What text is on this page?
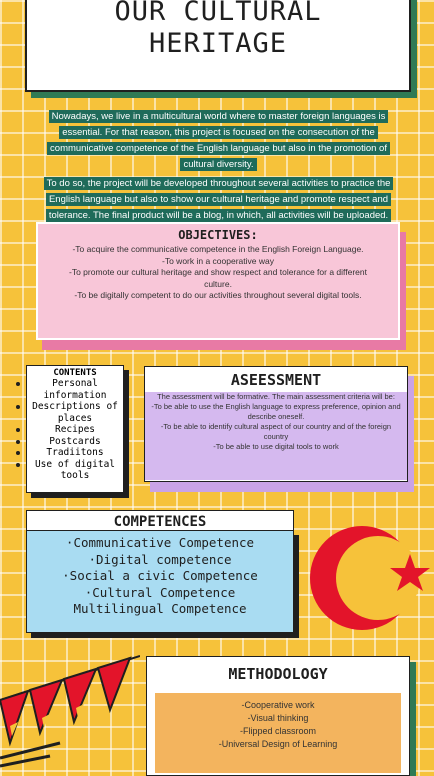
OUR CULTURAL
HERITAGE

Nowadays, we live in a multicultural world where to master foreign languages is essential. For that reason, this project is focused on the consecution of the communicative competence of the English language but also in the promotion of cultural diversity.

To do so, the project will be developed throughout several activities to practice the English language but also to show our cultural heritage and promote respect and tolerance. The final product will be a blog, in which, all activities will be uploaded.

OBJECTIVES:
-To acquire the communicative competence in the English Foreign Language.
-To work in a cooperative way
-To promote our cultural heritage and show respect and tolerance for a different culture.
-To be digitally competent to do our activities throughout several digital tools.
CONTENTS
Personal information
Descriptions of places
Recipes
Postcards
Tradiitons
Use of digital tools
ASEESSMENT
The assessment will be formative. The main assessment criteria will be:
-To be able to use the English language to express preference, opinion and describe oneself.
-To be able to identify cultural aspect of our country and of the foreign country
-To be able to use digital tools to work
COMPETENCES
·Communicative Competence
·Digital competence
·Social a civic Competence
·Cultural Competence
Multilingual Competence
METHODOLOGY
-Cooperative work
-Visual thinking
-Flipped classroom
-Universal Design of Learning
